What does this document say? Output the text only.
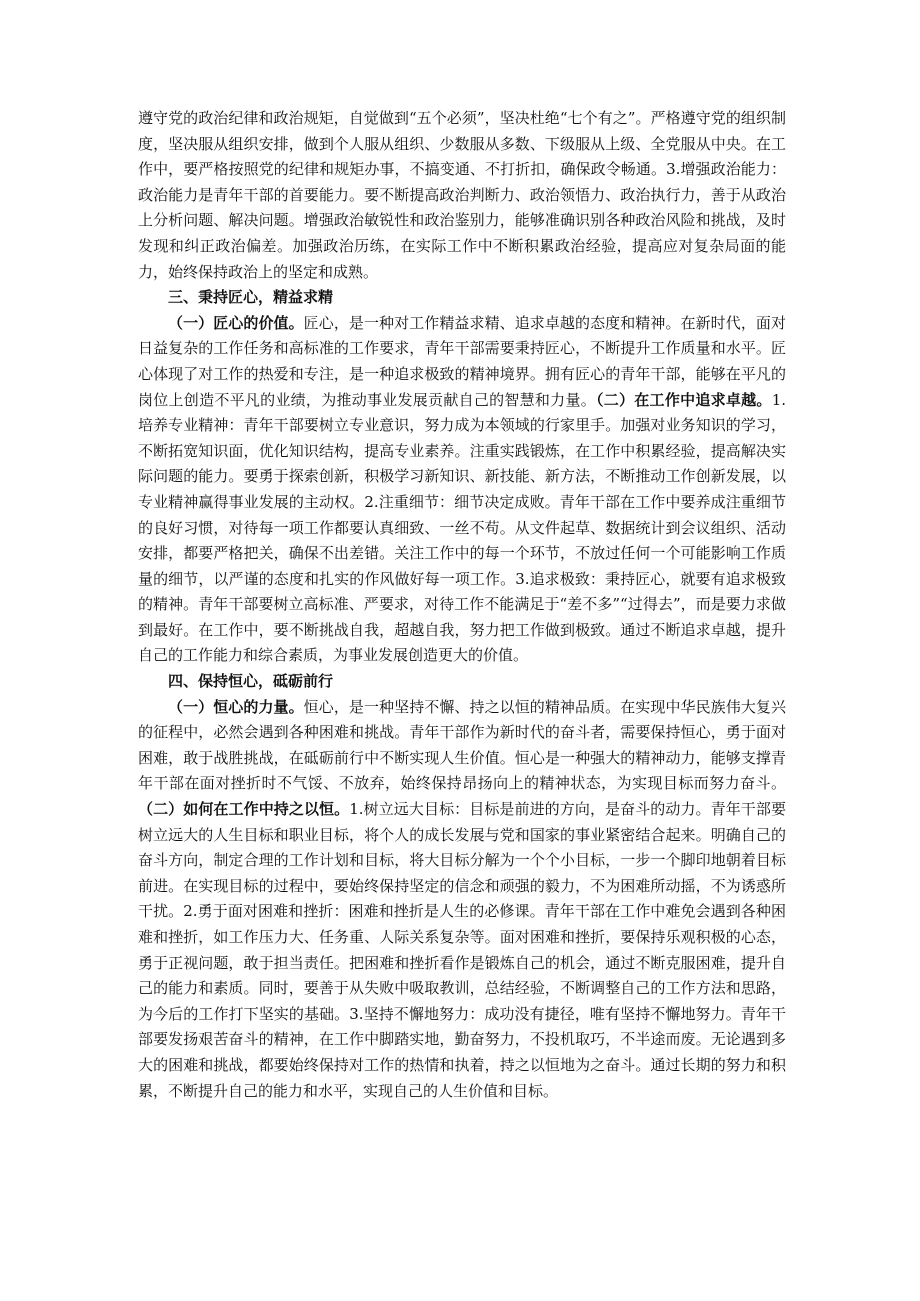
遵守党的政治纪律和政治规矩，自觉做到“五个必须”，坚决杜绝“七个有之”。严格遵守党的组织制度，坚决服从组织安排，做到个人服从组织、少数服从多数、下级服从上级、全党服从中央。在工作中，要严格按照党的纪律和规矩办事，不搞变通、不打折扣，确保政令畅通。3.增强政治能力：政治能力是青年干部的首要能力。要不断提高政治判断力、政治领悟力、政治执行力，善于从政治上分析问题、解决问题。增强政治敏锐性和政治鉴别力，能够准确识别各种政治风险和挑战，及时发现和纠正政治偏差。加强政治历练，在实际工作中不断积累政治经验，提高应对复杂局面的能力，始终保持政治上的坚定和成熟。

三、秉持匠心，精益求精

（一）匠心的价值。匠心，是一种对工作精益求精、追求卓越的态度和精神。在新时代，面对日益复杂的工作任务和高标准的工作要求，青年干部需要秉持匠心，不断提升工作质量和水平。匠心体现了对工作的热爱和专注，是一种追求极致的精神境界。拥有匠心的青年干部，能够在平凡的岗位上创造不平凡的业绩，为推动事业发展贡献自己的智慧和力量。（二）在工作中追求卓越。1.培养专业精神：青年干部要树立专业意识，努力成为本领域的行家里手。加强对业务知识的学习，不断拓宽知识面，优化知识结构，提高专业素养。注重实践锻炼，在工作中积累经验，提高解决实际问题的能力。要勇于探索创新，积极学习新知识、新技能、新方法，不断推动工作创新发展，以专业精神赢得事业发展的主动权。2.注重细节：细节决定成败。青年干部在工作中要养成注重细节的良好习惯，对待每一项工作都要认真细致、一丝不苟。从文件起草、数据统计到会议组织、活动安排，都要严格把关，确保不出差错。关注工作中的每一个环节，不放过任何一个可能影响工作质量的细节，以严谨的态度和扎实的作风做好每一项工作。3.追求极致：秉持匠心，就要有追求极致的精神。青年干部要树立高标准、严要求，对待工作不能满足于“差不多”“过得去”，而是要力求做到最好。在工作中，要不断挑战自我，超越自我，努力把工作做到极致。通过不断追求卓越，提升自己的工作能力和综合素质，为事业发展创造更大的价值。

四、保持恒心，砥砺前行

（一）恒心的力量。恒心，是一种坚持不懈、持之以恒的精神品质。在实现中华民族伟大复兴的征程中，必然会遇到各种困难和挑战。青年干部作为新时代的奋斗者，需要保持恒心，勇于面对困难，敢于战胜挑战，在砥砺前行中不断实现人生价值。恒心是一种强大的精神动力，能够支撑青年干部在面对挫折时不气馁、不放弃，始终保持昂扬向上的精神状态，为实现目标而努力奋斗。（二）如何在工作中持之以恒。1.树立远大目标：目标是前进的方向，是奋斗的动力。青年干部要树立远大的人生目标和职业目标，将个人的成长发展与党和国家的事业紧密结合起来。明确自己的奋斗方向，制定合理的工作计划和目标，将大目标分解为一个个小目标，一步一个脚印地朝着目标前进。在实现目标的过程中，要始终保持坚定的信念和顽强的毅力，不为困难所动摇，不为诱惑所干扰。2.勇于面对困难和挫折：困难和挫折是人生的必修课。青年干部在工作中难免会遇到各种困难和挫折，如工作压力大、任务重、人际关系复杂等。面对困难和挫折，要保持乐观积极的心态，勇于正视问题，敢于担当责任。把困难和挫折看作是锻炼自己的机会，通过不断克服困难，提升自己的能力和素质。同时，要善于从失败中吸取教训，总结经验，不断调整自己的工作方法和思路，为今后的工作打下坚实的基础。3.坚持不懈地努力：成功没有捷径，唯有坚持不懈地努力。青年干部要发扬艰苦奋斗的精神，在工作中脚踏实地，勤奋努力，不投机取巧，不半途而废。无论遇到多大的困难和挑战，都要始终保持对工作的热情和执着，持之以恒地为之奋斗。通过长期的努力和积累，不断提升自己的能力和水平，实现自己的人生价值和目标。
